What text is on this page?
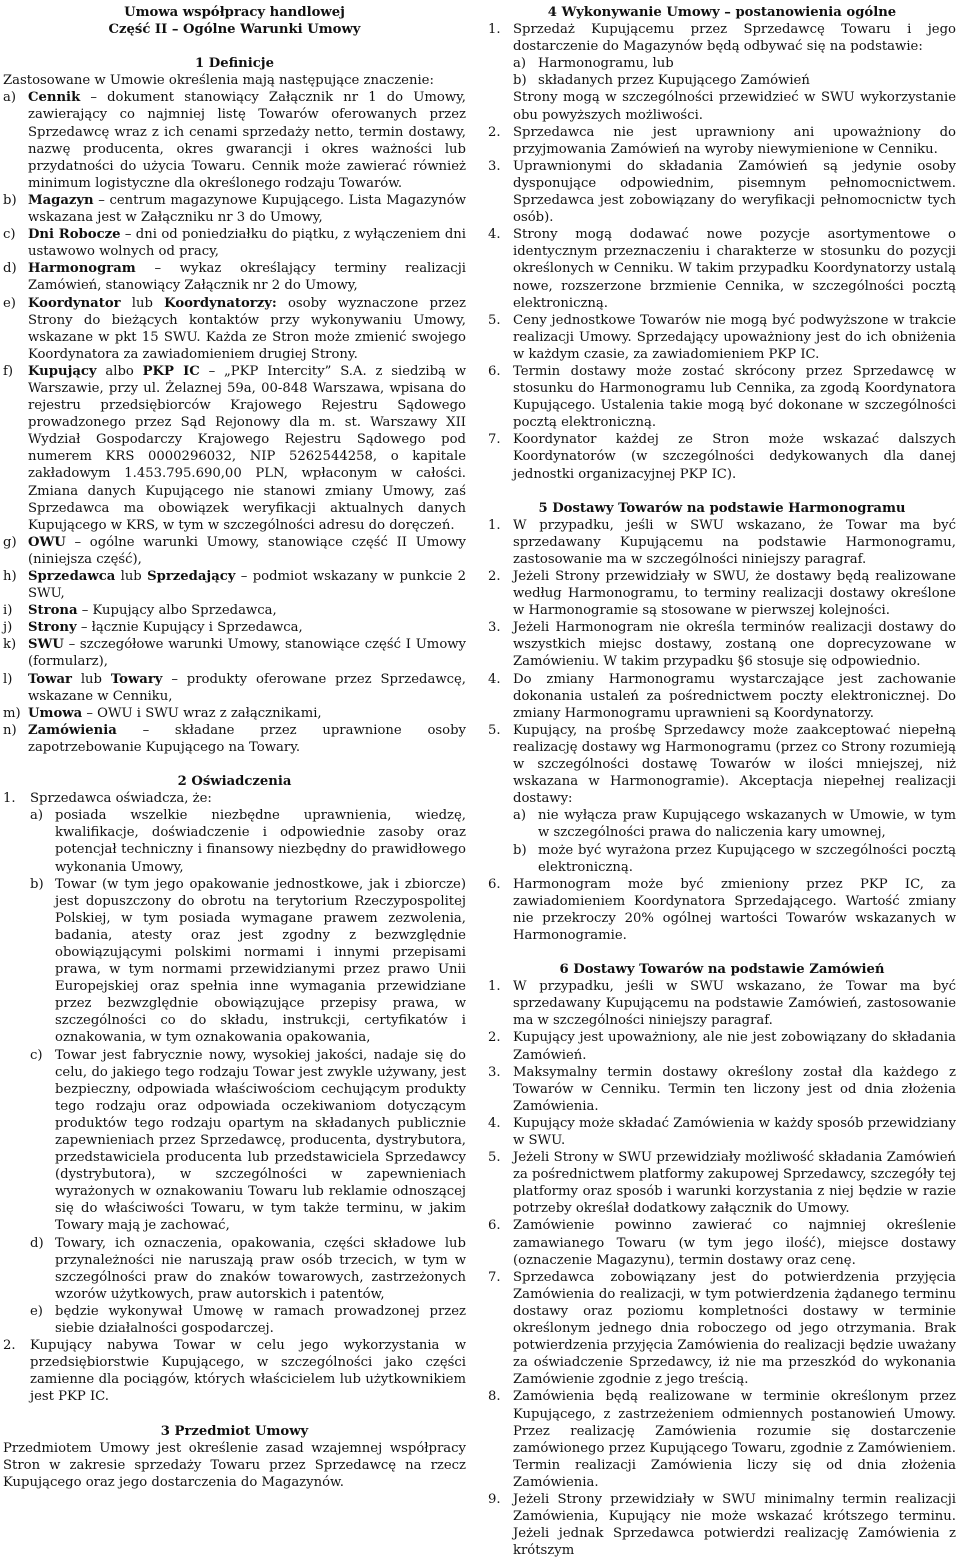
Umowa współpracy handlowej
Część II – Ogólne Warunki Umowy
1 Definicje

Zastosowane w Umowie określenia mają następujące znaczenie:

a) Cennik – dokument stanowiący Załącznik nr 1 do Umowy, zawierający co najmniej listę Towarów oferowanych przez Sprzedawcę wraz z ich cenami sprzedaży netto, termin dostawy, nazwę producenta, okres gwarancji i okres ważności lub przydatności do użycia Towaru. Cennik może zawierać również minimum logistyczne dla określonego rodzaju Towarów.
b) Magazyn – centrum magazynowe Kupującego. Lista Magazynów wskazana jest w Załączniku nr 3 do Umowy,
c) Dni Robocze – dni od poniedziałku do piątku, z wyłączeniem dni ustawowo wolnych od pracy,
d) Harmonogram – wykaz określający terminy realizacji Zamówień, stanowiący Załącznik nr 2 do Umowy,
e) Koordynator lub Koordynatorzy: osoby wyznaczone przez Strony do bieżących kontaktów przy wykonywaniu Umowy, wskazane w pkt 15 SWU. Każda ze Stron może zmienić swojego Koordynatora za zawiadomieniem drugiej Strony.
f)	Kupujący albo PKP IC – „PKP Intercity” S.A. z siedzibą w Warszawie, przy ul. Żelaznej 59a, 00-848 Warszawa, wpisana do rejestru przedsiębiorców Krajowego Rejestru Sądowego prowadzonego przez Sąd Rejonowy dla m. st. Warszawy XII Wydział Gospodarczy Krajowego Rejestru Sądowego pod numerem KRS 0000296032, NIP 5262544258, o kapitale zakładowym 1.453.795.690,00 PLN, wpłaconym w całości. Zmiana danych Kupującego nie stanowi zmiany Umowy, zaś Sprzedawca ma obowiązek weryfikacji aktualnych danych Kupującego w KRS, w tym w szczególności adresu do doręczeń.
g) OWU – ogólne warunki Umowy, stanowiące część II Umowy (niniejsza część),
h) Sprzedawca lub Sprzedający – podmiot wskazany w punkcie 2 SWU,
i)	Strona – Kupujący albo Sprzedawca,
j)	Strony – łącznie Kupujący i Sprzedawca,
k) SWU – szczegółowe warunki Umowy, stanowiące część I Umowy (formularz),
l)	Towar lub Towary – produkty oferowane przez Sprzedawcę, wskazane w Cenniku,
m) Umowa – OWU i SWU wraz z załącznikami,
n) Zamówienia – składane przez uprawnione osoby zapotrzebowanie Kupującego na Towary.
2 Oświadczenia
1.	Sprzedawca oświadcza, że:
a) posiada wszelkie niezbędne uprawnienia, wiedzę, kwalifikacje, doświadczenie i odpowiednie zasoby oraz potencjał techniczny i finansowy niezbędny do prawidłowego wykonania Umowy,
b) Towar (w tym jego opakowanie jednostkowe, jak i zbiorcze) jest dopuszczony do obrotu na terytorium Rzeczypospolitej Polskiej, w tym posiada wymagane prawem zezwolenia, badania, atesty oraz jest zgodny z bezwzględnie obowiązującymi polskimi normami i innymi przepisami prawa, w tym normami przewidzianymi przez prawo Unii Europejskiej oraz spełnia inne wymagania przewidziane przez bezwzględnie obowiązujące przepisy prawa, w szczególności co do składu, instrukcji, certyfikatów i oznakowania, w tym oznakowania opakowania,
c) Towar jest fabrycznie nowy, wysokiej jakości, nadaje się do celu, do jakiego tego rodzaju Towar jest zwykle używany, jest bezpieczny, odpowiada właściwościom cechującym produkty tego rodzaju oraz odpowiada oczekiwaniom dotyczącym produktów tego rodzaju opartym na składanych publicznie zapewnieniach przez Sprzedawcę, producenta, dystrybutora, przedstawiciela producenta lub przedstawiciela Sprzedawcy (dystrybutora), w szczególności w zapewnieniach wyrażonych w oznakowaniu Towaru lub reklamie odnoszącej się do właściwości Towaru, w tym także terminu, w jakim Towary mają je zachować,
d) Towary, ich oznaczenia, opakowania, części składowe lub przynależności nie naruszają praw osób trzecich, w tym w szczególności praw do znaków towarowych, zastrzeżonych wzorów użytkowych, praw autorskich i patentów,
e) będzie wykonywał Umowę w ramach prowadzonej przez siebie działalności gospodarczej.
2.	Kupujący nabywa Towar w celu jego wykorzystania w przedsiębiorstwie Kupującego, w szczególności jako części zamienne dla pociągów, których właścicielem lub użytkownikiem jest PKP IC.
3 Przedmiot Umowy

Przedmiotem Umowy jest określenie zasad wzajemnej współpracy Stron w zakresie sprzedaży Towaru przez Sprzedawcę na rzecz Kupującego oraz jego dostarczenia do Magazynów.

4 Wykonywanie Umowy – postanowienia ogólne
1. Sprzedaż Kupującemu przez Sprzedawcę Towaru i jego dostarczenie do Magazynów będą odbywać się na podstawie:
a) Harmonogramu, lub
b) składanych przez Kupującego Zamówień
Strony mogą w szczególności przewidzieć w SWU wykorzystanie obu powyższych możliwości.
2. Sprzedawca nie jest uprawniony ani upoważniony do przyjmowania Zamówień na wyroby niewymienione w Cenniku.
3. Uprawnionymi do składania Zamówień są jedynie osoby dysponujące odpowiednim, pisemnym pełnomocnictwem. Sprzedawca jest zobowiązany do weryfikacji pełnomocnictw tych osób).
4. Strony mogą dodawać nowe pozycje asortymentowe o identycznym przeznaczeniu i charakterze w stosunku do pozycji określonych w Cenniku. W takim przypadku Koordynatorzy ustalą nowe, rozszerzone brzmienie Cennika, w szczególności pocztą elektroniczną.
5. Ceny jednostkowe Towarów nie mogą być podwyższone w trakcie realizacji Umowy. Sprzedający upoważniony jest do ich obniżenia w każdym czasie, za zawiadomieniem PKP IC.
6. Termin dostawy może zostać skrócony przez Sprzedawcę w stosunku do Harmonogramu lub Cennika, za zgodą Koordynatora Kupującego. Ustalenia takie mogą być dokonane w szczególności pocztą elektroniczną.
7. Koordynator każdej ze Stron może wskazać dalszych Koordynatorów (w szczególności dedykowanych dla danej jednostki organizacyjnej PKP IC).
5 Dostawy Towarów na podstawie Harmonogramu
1. W przypadku, jeśli w SWU wskazano, że Towar ma być sprzedawany Kupującemu na podstawie Harmonogramu, zastosowanie ma w szczególności niniejszy paragraf.
2. Jeżeli Strony przewidziały w SWU, że dostawy będą realizowane według Harmonogramu, to terminy realizacji dostawy określone w Harmonogramie są stosowane w pierwszej kolejności.
3. Jeżeli Harmonogram nie określa terminów realizacji dostawy do wszystkich miejsc dostawy, zostaną one doprecyzowane w Zamówieniu. W takim przypadku §6 stosuje się odpowiednio.
4. Do zmiany Harmonogramu wystarczające jest zachowanie dokonania ustaleń za pośrednictwem poczty elektronicznej. Do zmiany Harmonogramu uprawnieni są Koordynatorzy.
5. Kupujący, na prośbę Sprzedawcy może zaakceptować niepełną realizację dostawy wg Harmonogramu (przez co Strony rozumieją w szczególności dostawę Towarów w ilości mniejszej, niż wskazana w Harmonogramie). Akceptacja niepełnej realizacji dostawy:
a) nie wyłącza praw Kupującego wskazanych w Umowie, w tym w szczególności prawa do naliczenia kary umownej,
b) może być wyrażona przez Kupującego w szczególności pocztą elektroniczną.
6. Harmonogram może być zmieniony przez PKP IC, za zawiadomieniem Koordynatora Sprzedającego. Wartość zmiany nie przekroczy 20% ogólnej wartości Towarów wskazanych w Harmonogramie.
6 Dostawy Towarów na podstawie Zamówień
1. W przypadku, jeśli w SWU wskazano, że Towar ma być sprzedawany Kupującemu na podstawie Zamówień, zastosowanie ma w szczególności niniejszy paragraf.
2. Kupujący jest upoważniony, ale nie jest zobowiązany do składania Zamówień.
3. Maksymalny termin dostawy określony został dla każdego z Towarów w Cenniku. Termin ten liczony jest od dnia złożenia Zamówienia.
4. Kupujący może składać Zamówienia w każdy sposób przewidziany w SWU.
5. Jeżeli Strony w SWU przewidziały możliwość składania Zamówień za pośrednictwem platformy zakupowej Sprzedawcy, szczegóły tej platformy oraz sposób i warunki korzystania z niej będzie w razie potrzeby określał dodatkowy załącznik do Umowy.
6. Zamówienie powinno zawierać co najmniej określenie zamawianego Towaru (w tym jego ilość), miejsce dostawy (oznaczenie Magazynu), termin dostawy oraz cenę.
7. Sprzedawca zobowiązany jest do potwierdzenia przyjęcia Zamówienia do realizacji, w tym potwierdzenia żądanego terminu dostawy oraz poziomu kompletności dostawy w terminie określonym jednego dnia roboczego od jego otrzymania. Brak potwierdzenia przyjęcia Zamówienia do realizacji będzie uważany za oświadczenie Sprzedawcy, iż nie ma przeszkód do wykonania Zamówienie zgodnie z jego treścią.
8. Zamówienia będą realizowane w terminie określonym przez Kupującego, z zastrzeżeniem odmiennych postanowień Umowy. Przez realizację Zamówienia rozumie się dostarczenie zamówionego przez Kupującego Towaru, zgodnie z Zamówieniem. Termin realizacji Zamówienia liczy się od dnia złożenia Zamówienia.
9. Jeżeli Strony przewidziały w SWU minimalny termin realizacji Zamówienia, Kupujący nie może wskazać krótszego terminu. Jeżeli jednak Sprzedawca potwierdzi realizację Zamówienia z krótszym
